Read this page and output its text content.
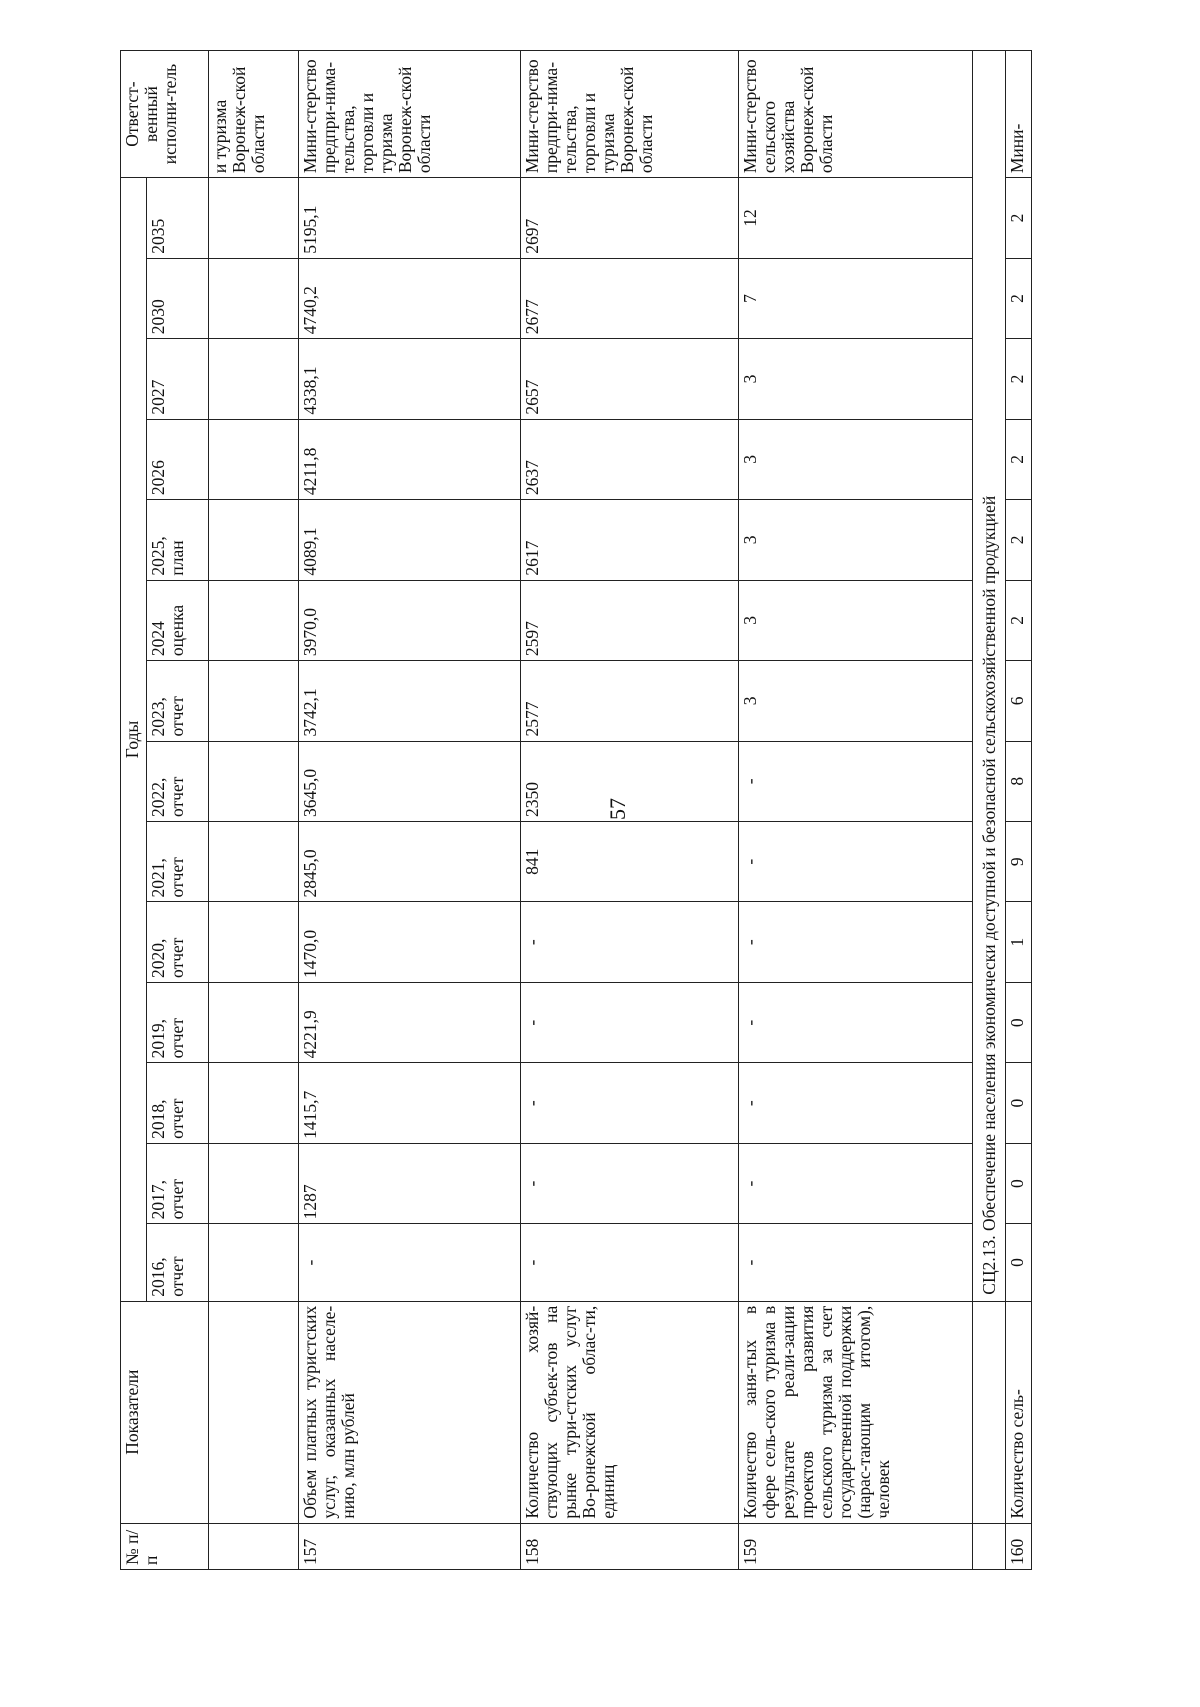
57
№ п/п	Показатели	Годы														Ответст-венный исполни-тель
		2016, отчет	2017, отчет	2018, отчет	2019, отчет	2020, отчет	2021, отчет	2022, отчет	2023, отчет	2024 оценка	2025, план	2026	2027	2030	2035	
																и туризма Воронеж-ской области
157	Объем платных туристских услуг, оказанных населе-нию, млн рублей	-	1287	1415,7	4221,9	1470,0	2845,0	3645,0	3742,1	3970,0	4089,1	4211,8	4338,1	4740,2	5195,1	Мини-стерство предпри-нима-тельства, торговли и туризма Воронеж-ской области
158	Количество хозяй-ствующих субъек-тов на рынке тури-стских услуг Во-ронежской облас-ти, единиц	-	-	-	-	-	841	2350	2577	2597	2617	2637	2657	2677	2697	Мини-стерство предпри-нима-тельства, торговли и туризма Воронеж-ской области
159	Количество заня-тых в сфере сель-ского туризма в результате реали-зации проектов развития сельского туризма за счет государственной поддержки (нарас-тающим итогом), человек	-	-	-	-	-	-	-	3	3	3	3	3	7	12	Мини-стерство сельского хозяйства Воронеж-ской области
		СЦ2.13. Обеспечение населения экономически доступной и безопасной сельскохозяйственной продукцией														
160	Количество сель-	0	0	0	0	1	9	8	6	2	2	2	2	2	2	Мини-
